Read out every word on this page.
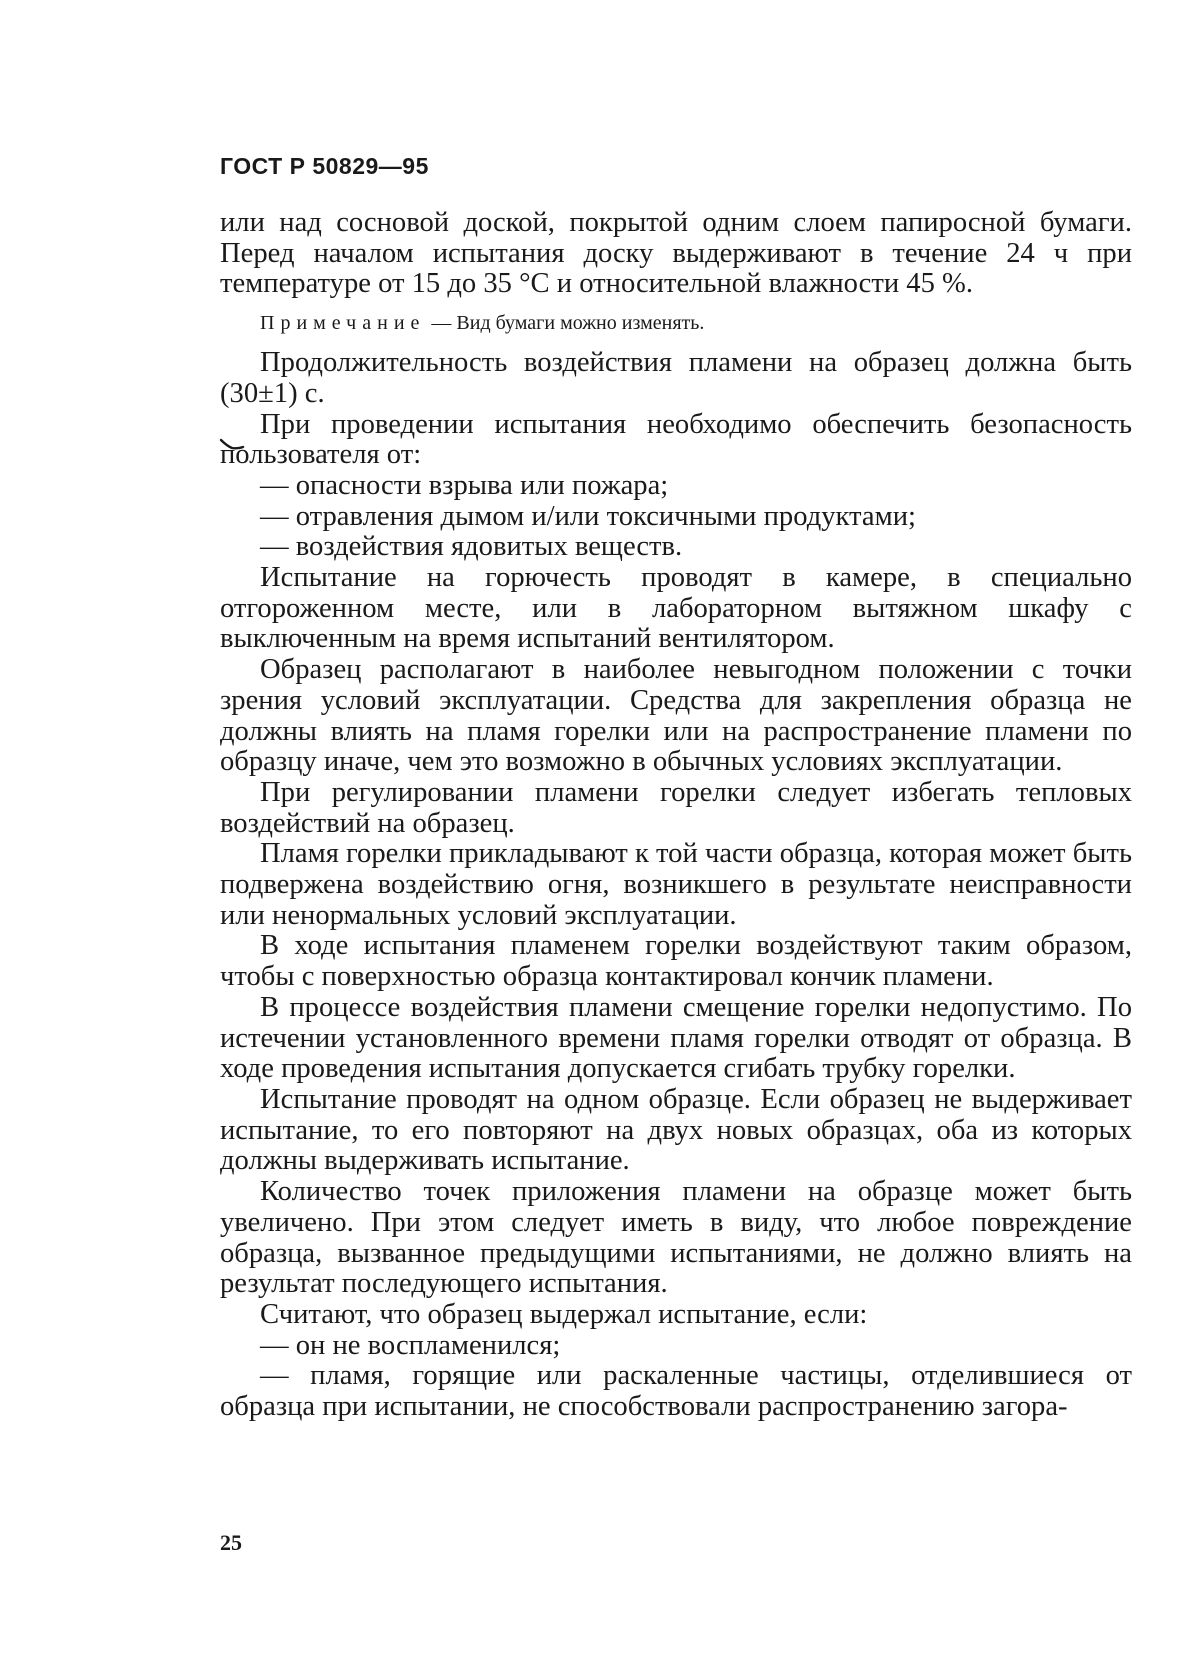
ГОСТ Р 50829—95

или над сосновой доской, покрытой одним слоем папиросной бумаги. Перед началом испытания доску выдерживают в течение 24 ч при температуре от 15 до 35 °C и относительной влажности 45 %.

Примечание — Вид бумаги можно изменять.

Продолжительность воздействия пламени на образец должна быть (30±1) с.

При проведении испытания необходимо обеспечить безопасность пользователя от:

— опасности взрыва или пожара;

— отравления дымом и/или токсичными продуктами;

— воздействия ядовитых веществ.

Испытание на горючесть проводят в камере, в специально отгороженном месте, или в лабораторном вытяжном шкафу с выключенным на время испытаний вентилятором.

Образец располагают в наиболее невыгодном положении с точки зрения условий эксплуатации. Средства для закрепления образца не должны влиять на пламя горелки или на распространение пламени по образцу иначе, чем это возможно в обычных условиях эксплуатации.

При регулировании пламени горелки следует избегать тепловых воздействий на образец.

Пламя горелки прикладывают к той части образца, которая может быть подвержена воздействию огня, возникшего в результате неисправности или ненормальных условий эксплуатации.

В ходе испытания пламенем горелки воздействуют таким образом, чтобы с поверхностью образца контактировал кончик пламени.

В процессе воздействия пламени смещение горелки недопустимо. По истечении установленного времени пламя горелки отводят от образца. В ходе проведения испытания допускается сгибать трубку горелки.

Испытание проводят на одном образце. Если образец не выдерживает испытание, то его повторяют на двух новых образцах, оба из которых должны выдерживать испытание.

Количество точек приложения пламени на образце может быть увеличено. При этом следует иметь в виду, что любое повреждение образца, вызванное предыдущими испытаниями, не должно влиять на результат последующего испытания.

Считают, что образец выдержал испытание, если:

— он не воспламенился;

— пламя, горящие или раскаленные частицы, отделившиеся от образца при испытании, не способствовали распространению загора-

25
